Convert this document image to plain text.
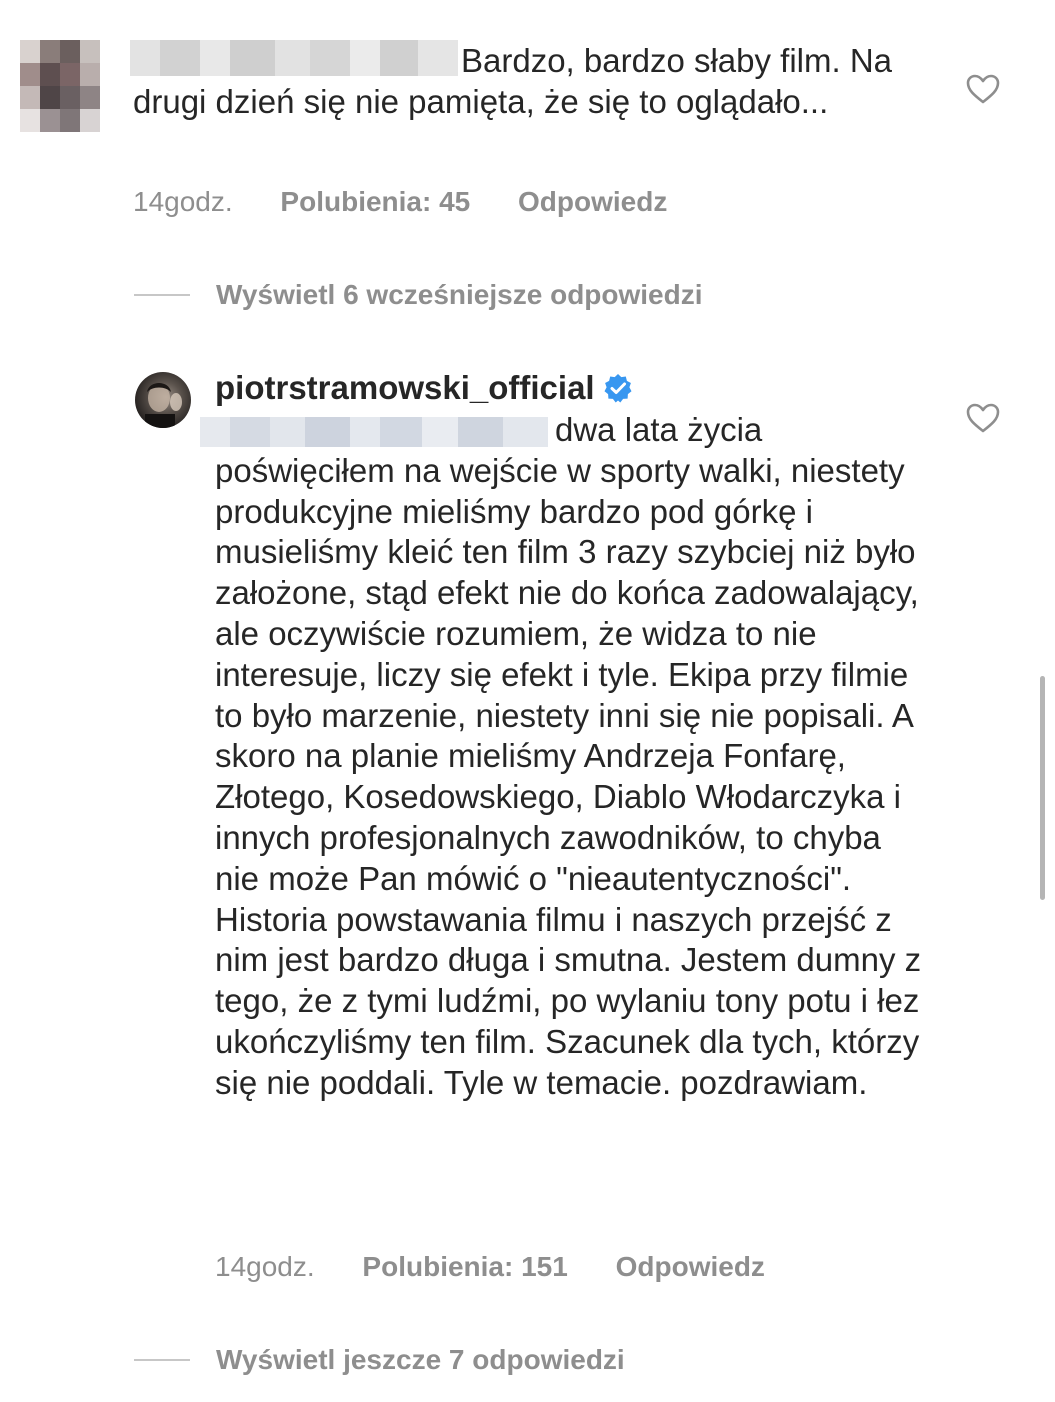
Bardzo, bardzo słaby film. Na drugi dzień się nie pamięta, że się to oglądało...
14godz. Polubienia: 45 Odpowiedz
Wyświetl 6 wcześniejsze odpowiedzi
piotrstramowski_official
dwa lata życia poświęciłem na wejście w sporty walki, niestety produkcyjne mieliśmy bardzo pod górkę i musieliśmy kleić ten film 3 razy szybciej niż było założone, stąd efekt nie do końca zadowalający, ale oczywiście rozumiem, że widza to nie interesuje, liczy się efekt i tyle. Ekipa przy filmie to było marzenie, niestety inni się nie popisali. A skoro na planie mieliśmy Andrzeja Fonfarę, Złotego, Kosedowskiego, Diablo Włodarczyka i innych profesjonalnych zawodników, to chyba nie może Pan mówić o "nieautentyczności". Historia powstawania filmu i naszych przejść z nim jest bardzo długa i smutna. Jestem dumny z tego, że z tymi ludźmi, po wylaniu tony potu i łez ukończyliśmy ten film. Szacunek dla tych, którzy się nie poddali. Tyle w temacie. pozdrawiam.
14godz. Polubienia: 151 Odpowiedz
Wyświetl jeszcze 7 odpowiedzi
